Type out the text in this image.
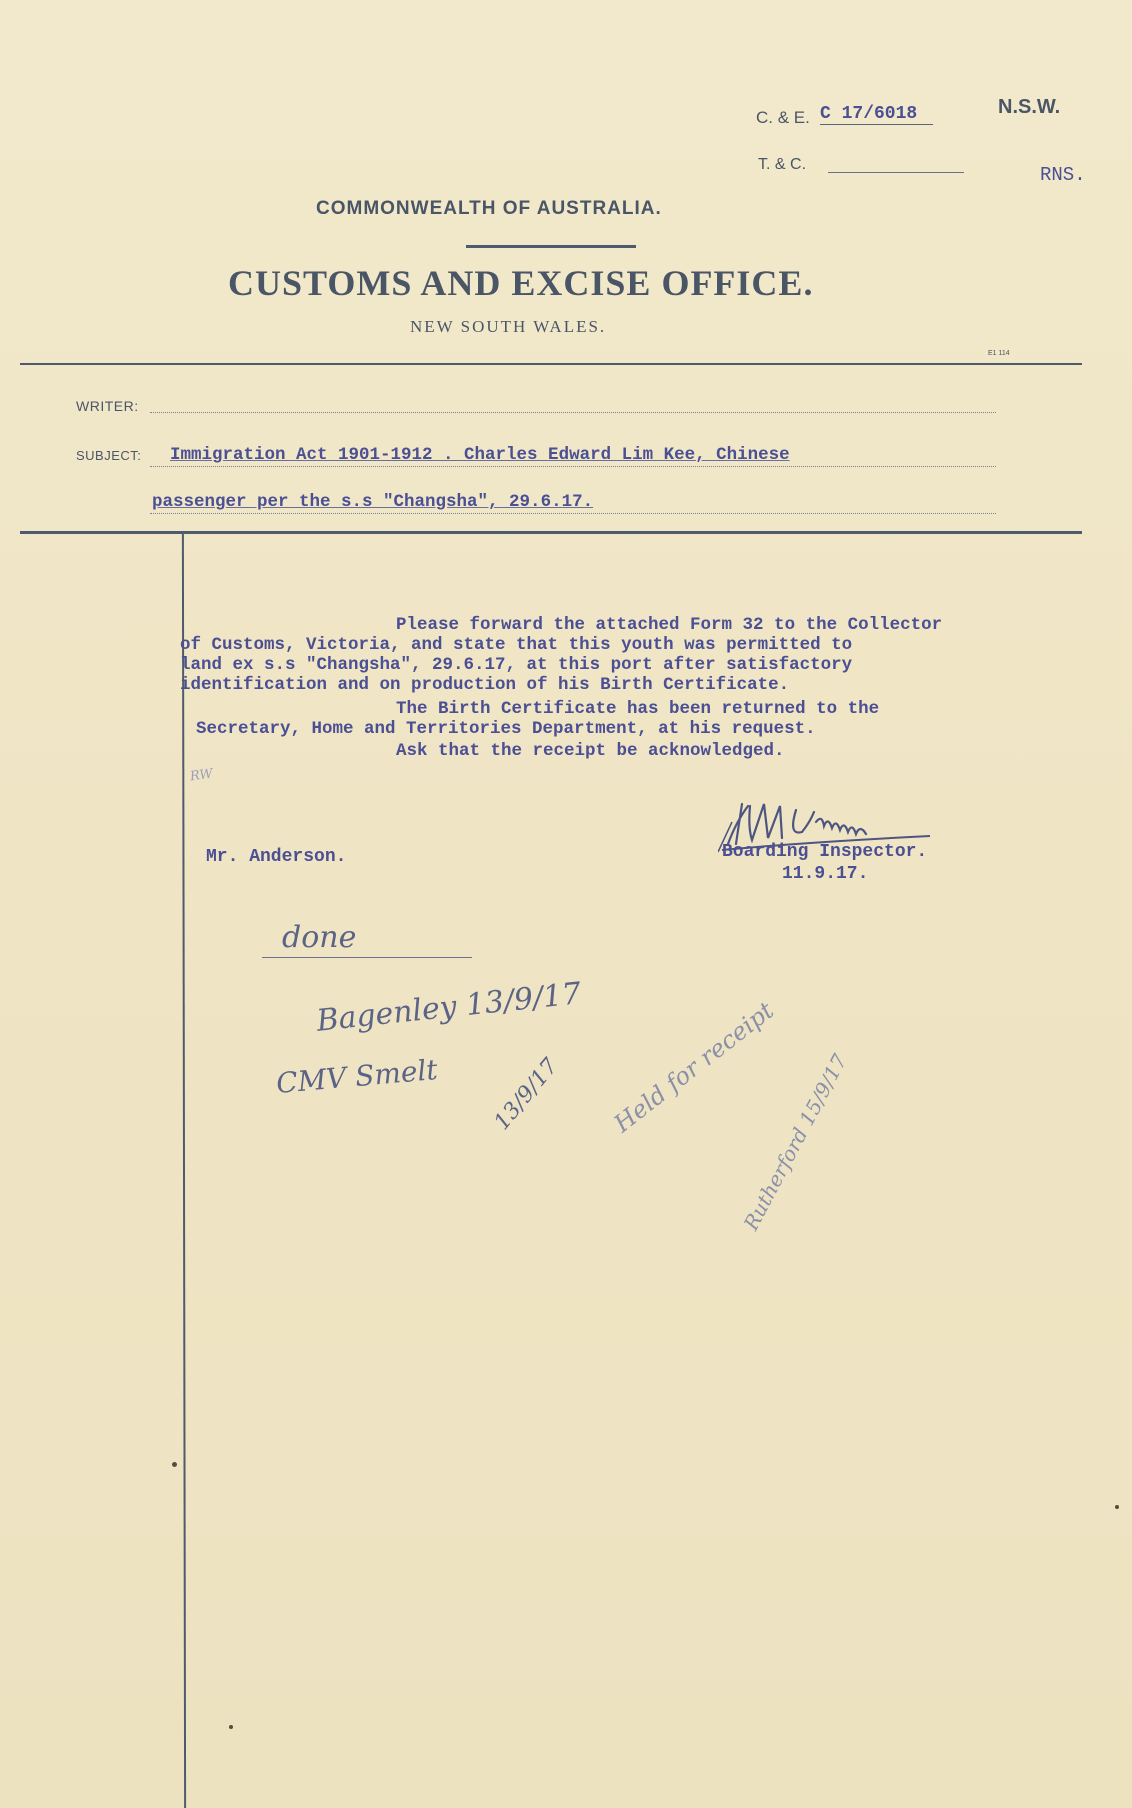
C. & E. C 17/6018	N.S.W.
T. & C.	RNS.
COMMONWEALTH OF AUSTRALIA.
CUSTOMS AND EXCISE OFFICE.
NEW SOUTH WALES.
E1 114
WRITER:
SUBJECT: Immigration Act 1901-1912 . Charles Edward Lim Kee, Chinese
passenger per the s.s "Changsha", 29.6.17.
Please forward the attached Form 32 to the Collector
of Customs, Victoria, and state that this youth was permitted to
land ex s.s "Changsha", 29.6.17, at this port after satisfactory
identification and on production of his Birth Certificate.
The Birth Certificate has been returned to the
Secretary, Home and Territories Department, at his request.
Ask that the receipt be acknowledged.
RW
Boarding Inspector.
11.9.17.
Mr. Anderson.
done
Bagenley 13/9/17
CMV Smelt 13/9/17 Held for receipt
Rutherford 15/9/17
